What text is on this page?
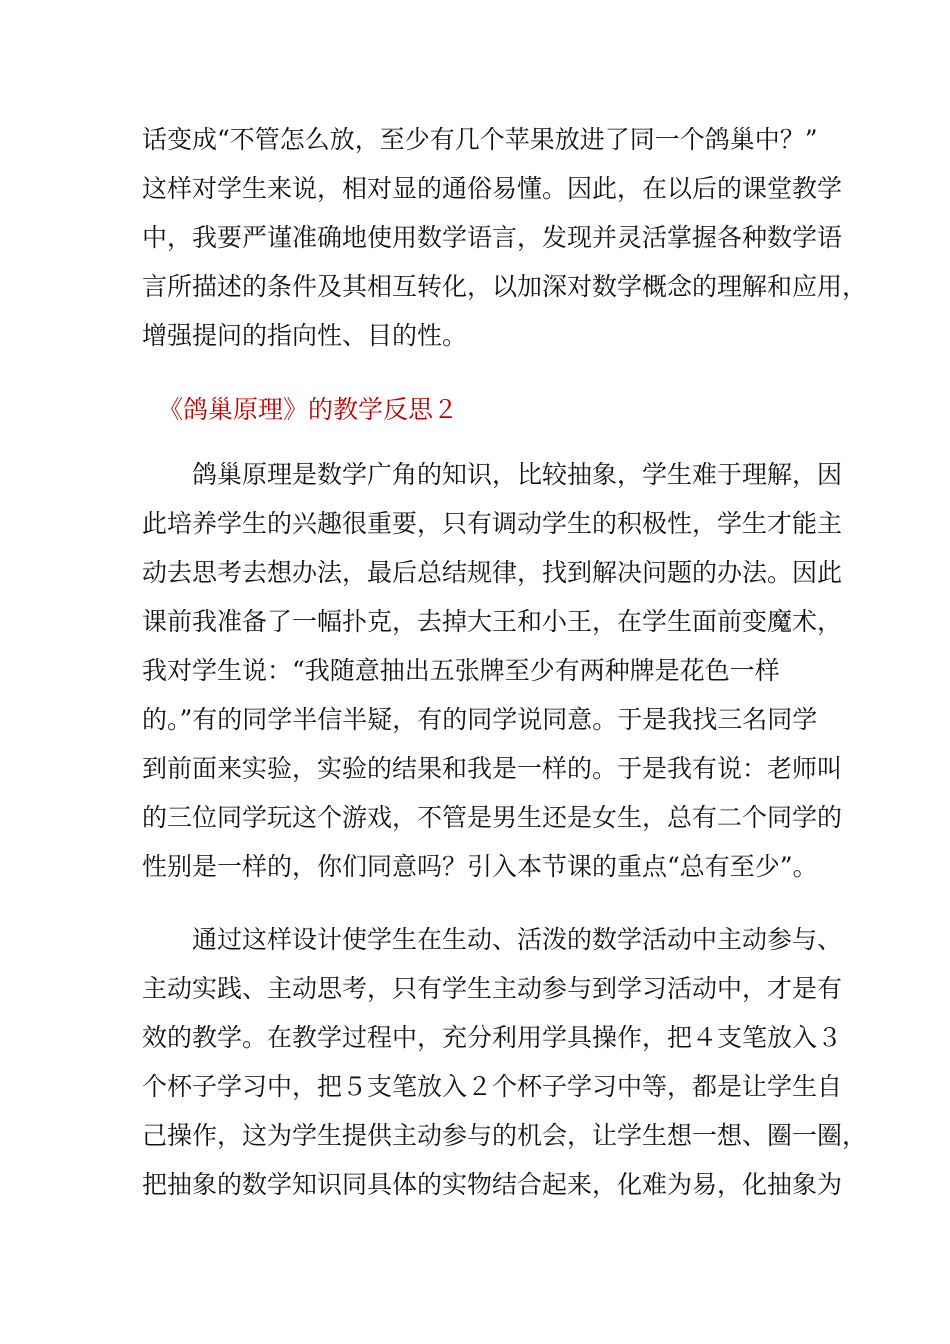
话变成“不管怎么放，至少有几个苹果放进了同一个鸽巢中？”
这样对学生来说，相对显的通俗易懂。因此，在以后的课堂教学
中，我要严谨准确地使用数学语言，发现并灵活掌握各种数学语
言所描述的条件及其相互转化，以加深对数学概念的理解和应用，
增强提问的指向性、目的性。
《鸽巢原理》的教学反思２
　　鸽巢原理是数学广角的知识，比较抽象，学生难于理解，因
此培养学生的兴趣很重要，只有调动学生的积极性，学生才能主
动去思考去想办法，最后总结规律，找到解决问题的办法。因此
课前我准备了一幅扑克，去掉大王和小王，在学生面前变魔术，
我对学生说：“我随意抽出五张牌至少有两种牌是花色一样
的。”有的同学半信半疑，有的同学说同意。于是我找三名同学
到前面来实验，实验的结果和我是一样的。于是我有说：老师叫
的三位同学玩这个游戏，不管是男生还是女生，总有二个同学的
性别是一样的，你们同意吗？引入本节课的重点“总有至少”。
　　通过这样设计使学生在生动、活泼的数学活动中主动参与、
主动实践、主动思考，只有学生主动参与到学习活动中，才是有
效的教学。在教学过程中，充分利用学具操作，把４支笔放入３
个杯子学习中，把５支笔放入２个杯子学习中等，都是让学生自
己操作，这为学生提供主动参与的机会，让学生想一想、圈一圈，
把抽象的数学知识同具体的实物结合起来，化难为易，化抽象为
